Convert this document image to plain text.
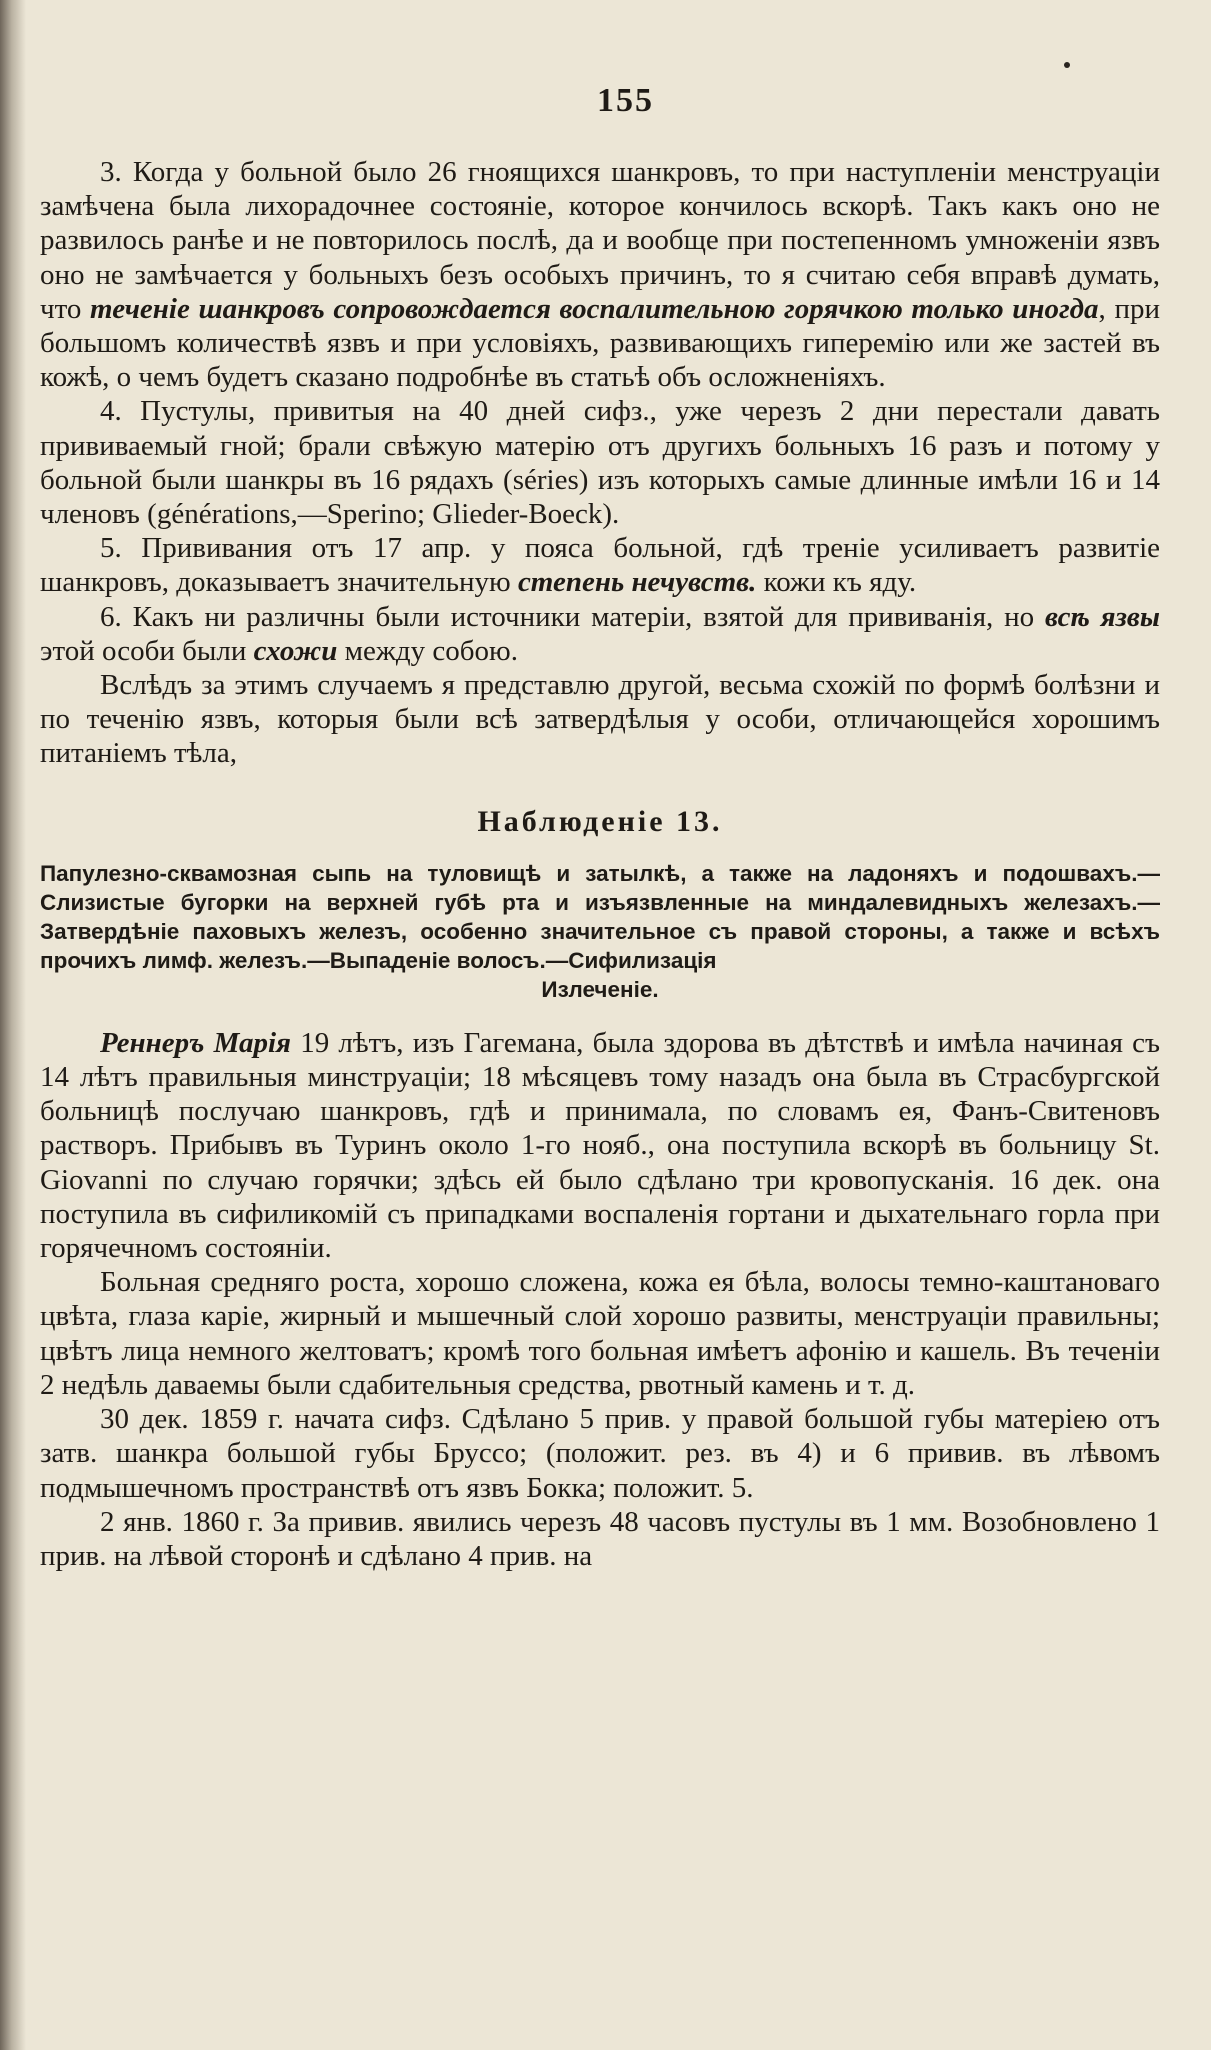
155

3. Когда у больной было 26 гноящихся шанкровъ, то при наступленiи менструацiи замѣчена была лихорадочнее состоянiе, которое кончилось вскорѣ. Такъ какъ оно не развилось ранѣе и не повторилось послѣ, да и вообще при постепенномъ умноженiи язвъ оно не замѣчается у больныхъ безъ особыхъ причинъ, то я считаю себя вправѣ думать, что теченiе шанкровъ сопровождается воспалительною горячкою только иногда, при большомъ количествѣ язвъ и при условiяхъ, развивающихъ гиперемiю или же застей въ кожѣ, о чемъ будетъ сказано подробнѣе въ статьѣ объ осложненiяхъ.

4. Пустулы, привитыя на 40 дней сифз., уже черезъ 2 дни перестали давать прививаемый гной; брали свѣжую матерiю отъ другихъ больныхъ 16 разъ и потому у больной были шанкры въ 16 рядахъ (séries) изъ которыхъ самые длинные имѣли 16 и 14 членовъ (générations,—Sperino; Glieder-Boeck).

5. Прививания отъ 17 апр. у пояса больной, гдѣ тренiе усиливаетъ развитiе шанкровъ, доказываетъ значительную степень нечувств. кожи къ яду.

6. Какъ ни различны были источники матерiи, взятой для прививанiя, но всѣ язвы этой особи были схожи между собою.

Вслѣдъ за этимъ случаемъ я представлю другой, весьма схожiй по формѣ болѣзни и по теченiю язвъ, которыя были всѣ затвердѣлыя у особи, отличающейся хорошимъ питанiемъ тѣла,

Наблюденіе 13.
Папулезно-сквамозная сыпь на туловищѣ и затылкѣ, а также на ладоняхъ и подошвахъ.—Слизистые бугорки на верхней губѣ рта и изъязвленные на миндалевидныхъ железахъ.—Затвердѣнiе паховыхъ железъ, особенно значительное съ правой стороны, а также и всѣхъ прочихъ лимф. железъ.—Выпаденiе волосъ.—Сифилизацiя
Излеченiе.

Реннеръ Марiя 19 лѣтъ, изъ Гагемана, была здорова въ дѣтствѣ и имѣла начиная съ 14 лѣтъ правильныя минструацiи; 18 мѣсяцевъ тому назадъ она была въ Страсбургской больницѣ послучаю шанкровъ, гдѣ и принимала, по словамъ ея, Фанъ-Свитеновъ растворъ. Прибывъ въ Туринъ около 1-го нояб., она поступила вскорѣ въ больницу St. Giovanni по случаю горячки; здѣсь ей было сдѣлано три кровопусканiя. 16 дек. она поступила въ сифиликомiй съ припадками воспаленiя гортани и дыхательнаго горла при горячечномъ состоянiи.

Больная средняго роста, хорошо сложена, кожа ея бѣла, волосы темно-каштановаго цвѣта, глаза карiе, жирный и мышечный слой хорошо развиты, менструацiи правильны; цвѣтъ лица немного желтоватъ; кромѣ того больная имѣетъ афонiю и кашель. Въ теченiи 2 недѣль даваемы были сдабительныя средства, рвотный камень и т. д.

30 дек. 1859 г. начата сифз. Сдѣлано 5 прив. у правой большой губы матерiею отъ затв. шанкра большой губы Бруссо; (положит. рез. въ 4) и 6 привив. въ лѣвомъ подмышечномъ пространствѣ отъ язвъ Бокка; положит. 5.

2 янв. 1860 г. За привив. явились черезъ 48 часовъ пустулы въ 1 мм. Возобновлено 1 прив. на лѣвой сторонѣ и сдѣлано 4 прив. на
